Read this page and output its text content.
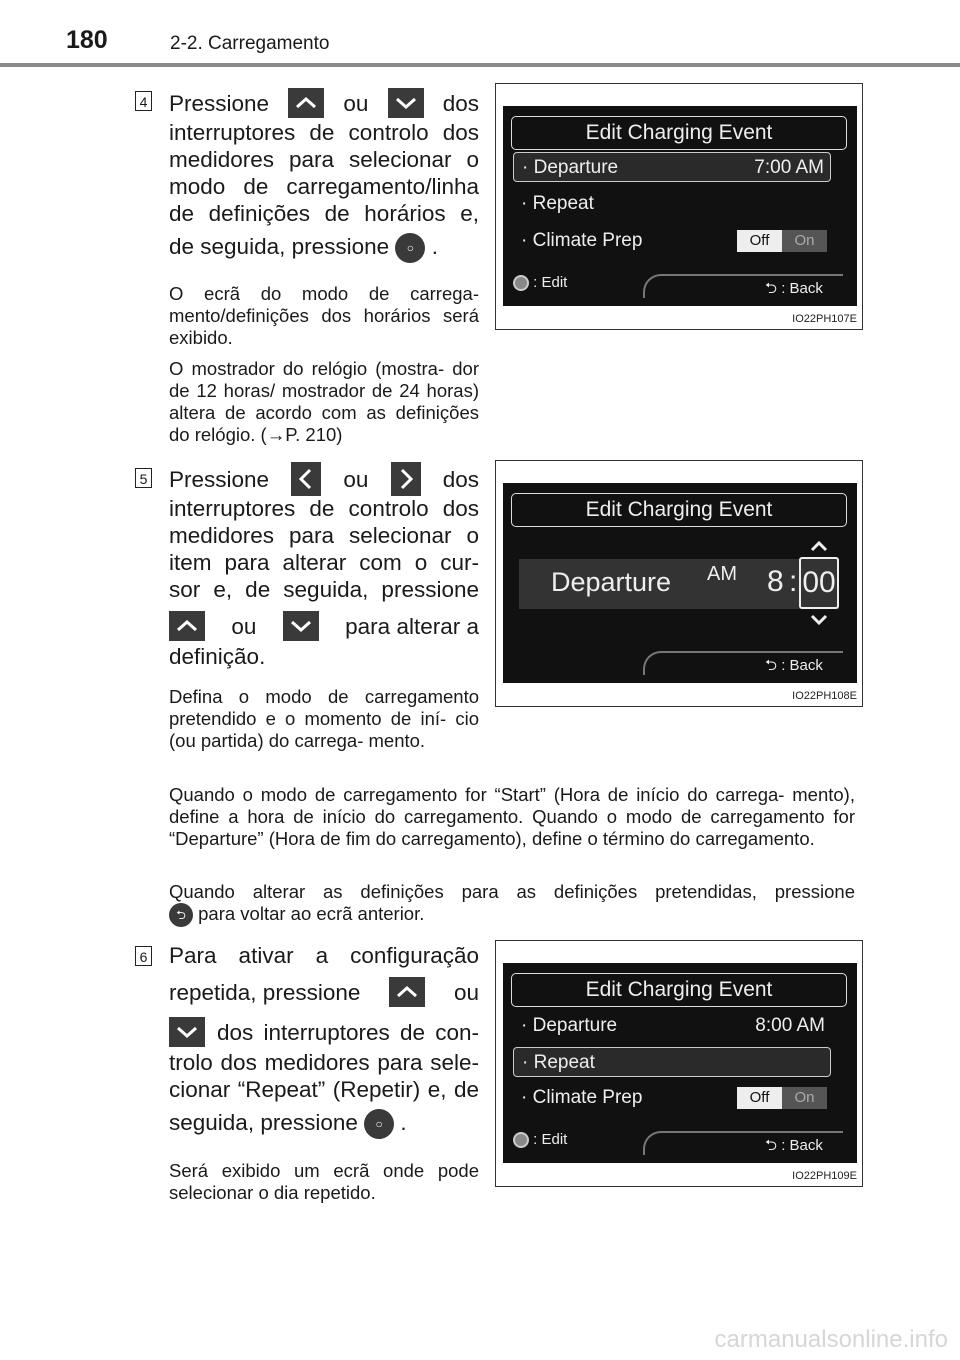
180	2-2. Carregamento
4 Pressione	ou	dos
interruptores de controlo dos
medidores para selecionar o
modo de carregamento/linha
de definições de horários e,
de seguida, pressione ○ .
O ecrã do modo de carrega- mento/definições dos horários será exibido.
O mostrador do relógio (mostra- dor de 12 horas/ mostrador de 24 horas) altera de acordo com as definições do relógio. (→P. 210)
Edit Charging Event
· Departure	7:00 AM
· Repeat
· Climate Prep	Off	On
: Edit	⮌ : Back
IO22PH107E
5 Pressione	ou	dos
interruptores de controlo dos
medidores para selecionar o
item para alterar com o cur-
sor e, de seguida, pressione
ou	para alterar a
definição.
Defina o modo de carregamento pretendido e o momento de iní- cio (ou partida) do carrega- mento.
Quando o modo de carregamento for “Start” (Hora de início do carrega- mento), define a hora de início do carregamento. Quando o modo de carregamento for “Departure” (Hora de fim do carregamento), define o término do carregamento.
Quando alterar as definições para as definições pretendidas, pressione
⮌ para voltar ao ecrã anterior.
Edit Charging Event
Departure AM 8 : 00
⮌ : Back
IO22PH108E
6 Para ativar a configuração
repetida, pressione	ou
dos interruptores de con-
trolo dos medidores para sele-
cionar “Repeat” (Repetir) e, de
seguida, pressione ○ .
Será exibido um ecrã onde pode selecionar o dia repetido.
Edit Charging Event
· Departure	8:00 AM
· Repeat
· Climate Prep	Off	On
: Edit	⮌ : Back
IO22PH109E
carmanualsonline.info
